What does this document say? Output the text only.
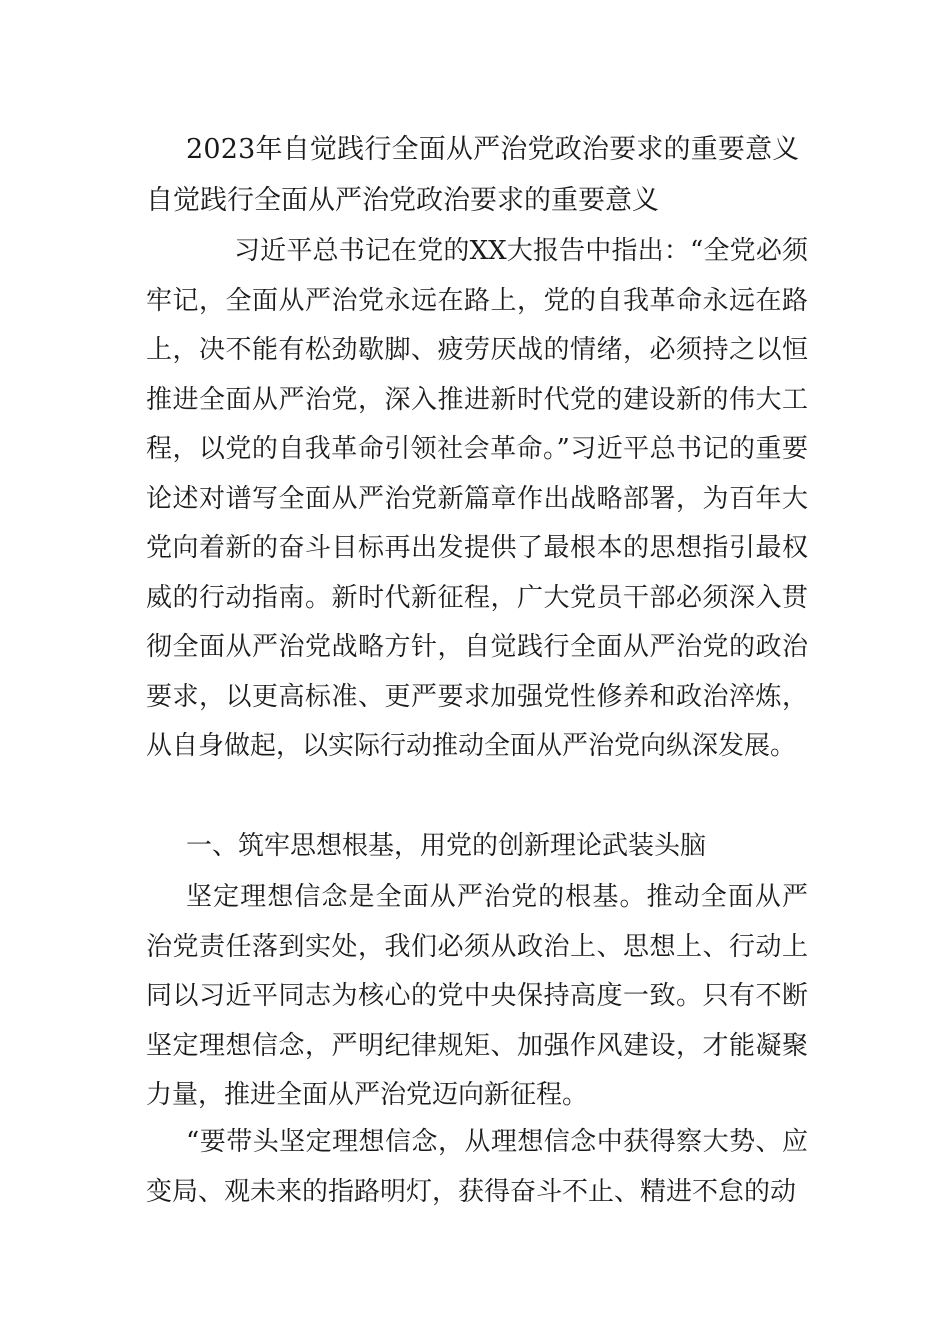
2023年自觉践行全面从严治党政治要求的重要意义
自觉践行全面从严治党政治要求的重要意义

习近平总书记在党的XX大报告中指出：“全党必须牢记，全面从严治党永远在路上，党的自我革命永远在路上，决不能有松劲歇脚、疲劳厌战的情绪，必须持之以恒推进全面从严治党，深入推进新时代党的建设新的伟大工程，以党的自我革命引领社会革命。”习近平总书记的重要论述对谱写全面从严治党新篇章作出战略部署，为百年大党向着新的奋斗目标再出发提供了最根本的思想指引最权威的行动指南。新时代新征程，广大党员干部必须深入贯彻全面从严治党战略方针，自觉践行全面从严治党的政治要求，以更高标准、更严要求加强党性修养和政治淬炼，从自身做起，以实际行动推动全面从严治党向纵深发展。

一、筑牢思想根基，用党的创新理论武装头脑

坚定理想信念是全面从严治党的根基。推动全面从严治党责任落到实处，我们必须从政治上、思想上、行动上同以习近平同志为核心的党中央保持高度一致。只有不断坚定理想信念，严明纪律规矩、加强作风建设，才能凝聚力量，推进全面从严治党迈向新征程。

“要带头坚定理想信念，从理想信念中获得察大势、应变局、观未来的指路明灯，获得奋斗不止、精进不怠的动
